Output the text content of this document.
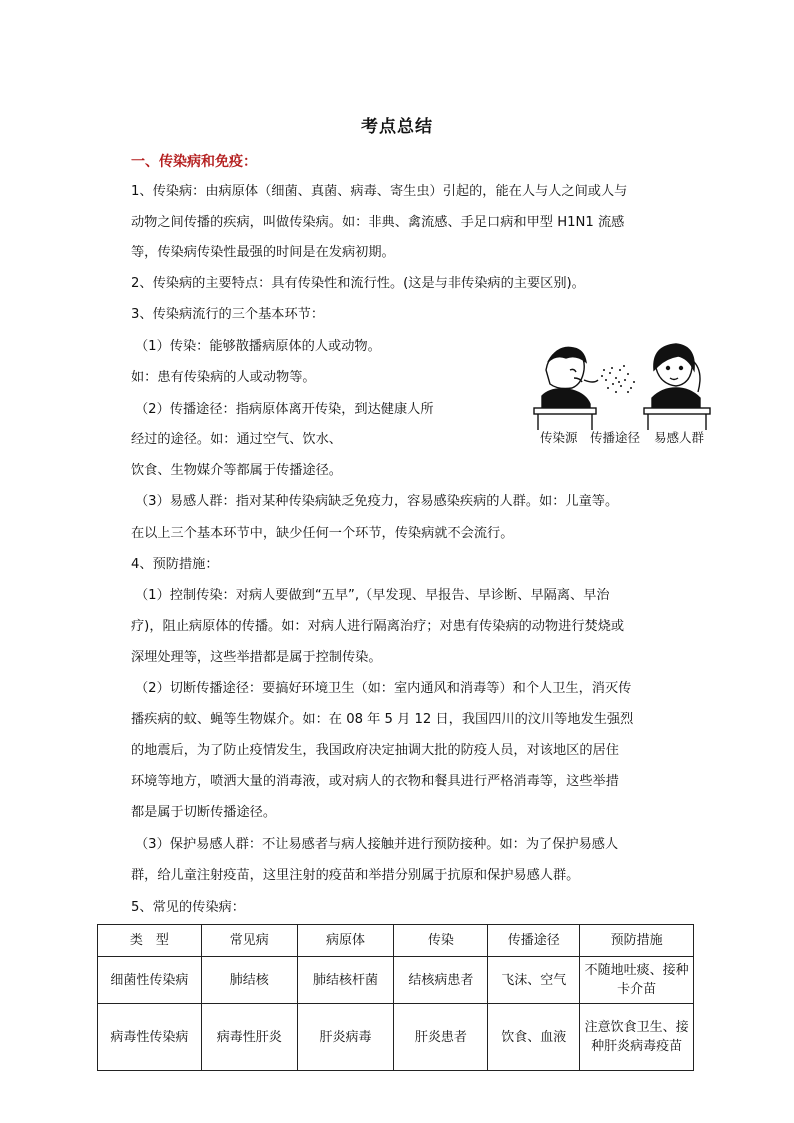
考点总结
一、传染病和免疫：
1、传染病：由病原体（细菌、真菌、病毒、寄生虫）引起的，能在人与人之间或人与
动物之间传播的疾病，叫做传染病。如：非典、禽流感、手足口病和甲型 H1N1 流感
等，传染病传染性最强的时间是在发病初期。
2、传染病的主要特点：具有传染性和流行性。(这是与非传染病的主要区别)。
3、传染病流行的三个基本环节：
（1）传染：能够散播病原体的人或动物。
如：患有传染病的人或动物等。
（2）传播途径：指病原体离开传染，到达健康人所
经过的途径。如：通过空气、饮水、
饮食、生物媒介等都属于传播途径。
（3）易感人群：指对某种传染病缺乏免疫力，容易感染疾病的人群。如：儿童等。
在以上三个基本环节中，缺少任何一个环节，传染病就不会流行。
4、预防措施：
（1）控制传染：对病人要做到“五早”,（早发现、早报告、早诊断、早隔离、早治
疗)，阻止病原体的传播。如：对病人进行隔离治疗；对患有传染病的动物进行焚烧或
深埋处理等，这些举措都是属于控制传染。
（2）切断传播途径：要搞好环境卫生（如：室内通风和消毒等）和个人卫生，消灭传
播疾病的蚊、蝇等生物媒介。如：在 08 年 5 月 12 日，我国四川的汶川等地发生强烈
的地震后，为了防止疫情发生，我国政府决定抽调大批的防疫人员，对该地区的居住
环境等地方，喷洒大量的消毒液，或对病人的衣物和餐具进行严格消毒等，这些举措
都是属于切断传播途径。
（3）保护易感人群：不让易感者与病人接触并进行预防接种。如：为了保护易感人
群，给儿童注射疫苗，这里注射的疫苗和举措分别属于抗原和保护易感人群。
5、常见的传染病：
传染源 传播途径 易感人群
类　型	常见病	病原体	传染	传播途径	预防措施
细菌性传染病	肺结核	肺结核杆菌	结核病患者	飞沫、空气	不随地吐痰、接种卡介苗
病毒性传染病	病毒性肝炎	肝炎病毒	肝炎患者	饮食、血液	注意饮食卫生、接种肝炎病毒疫苗
